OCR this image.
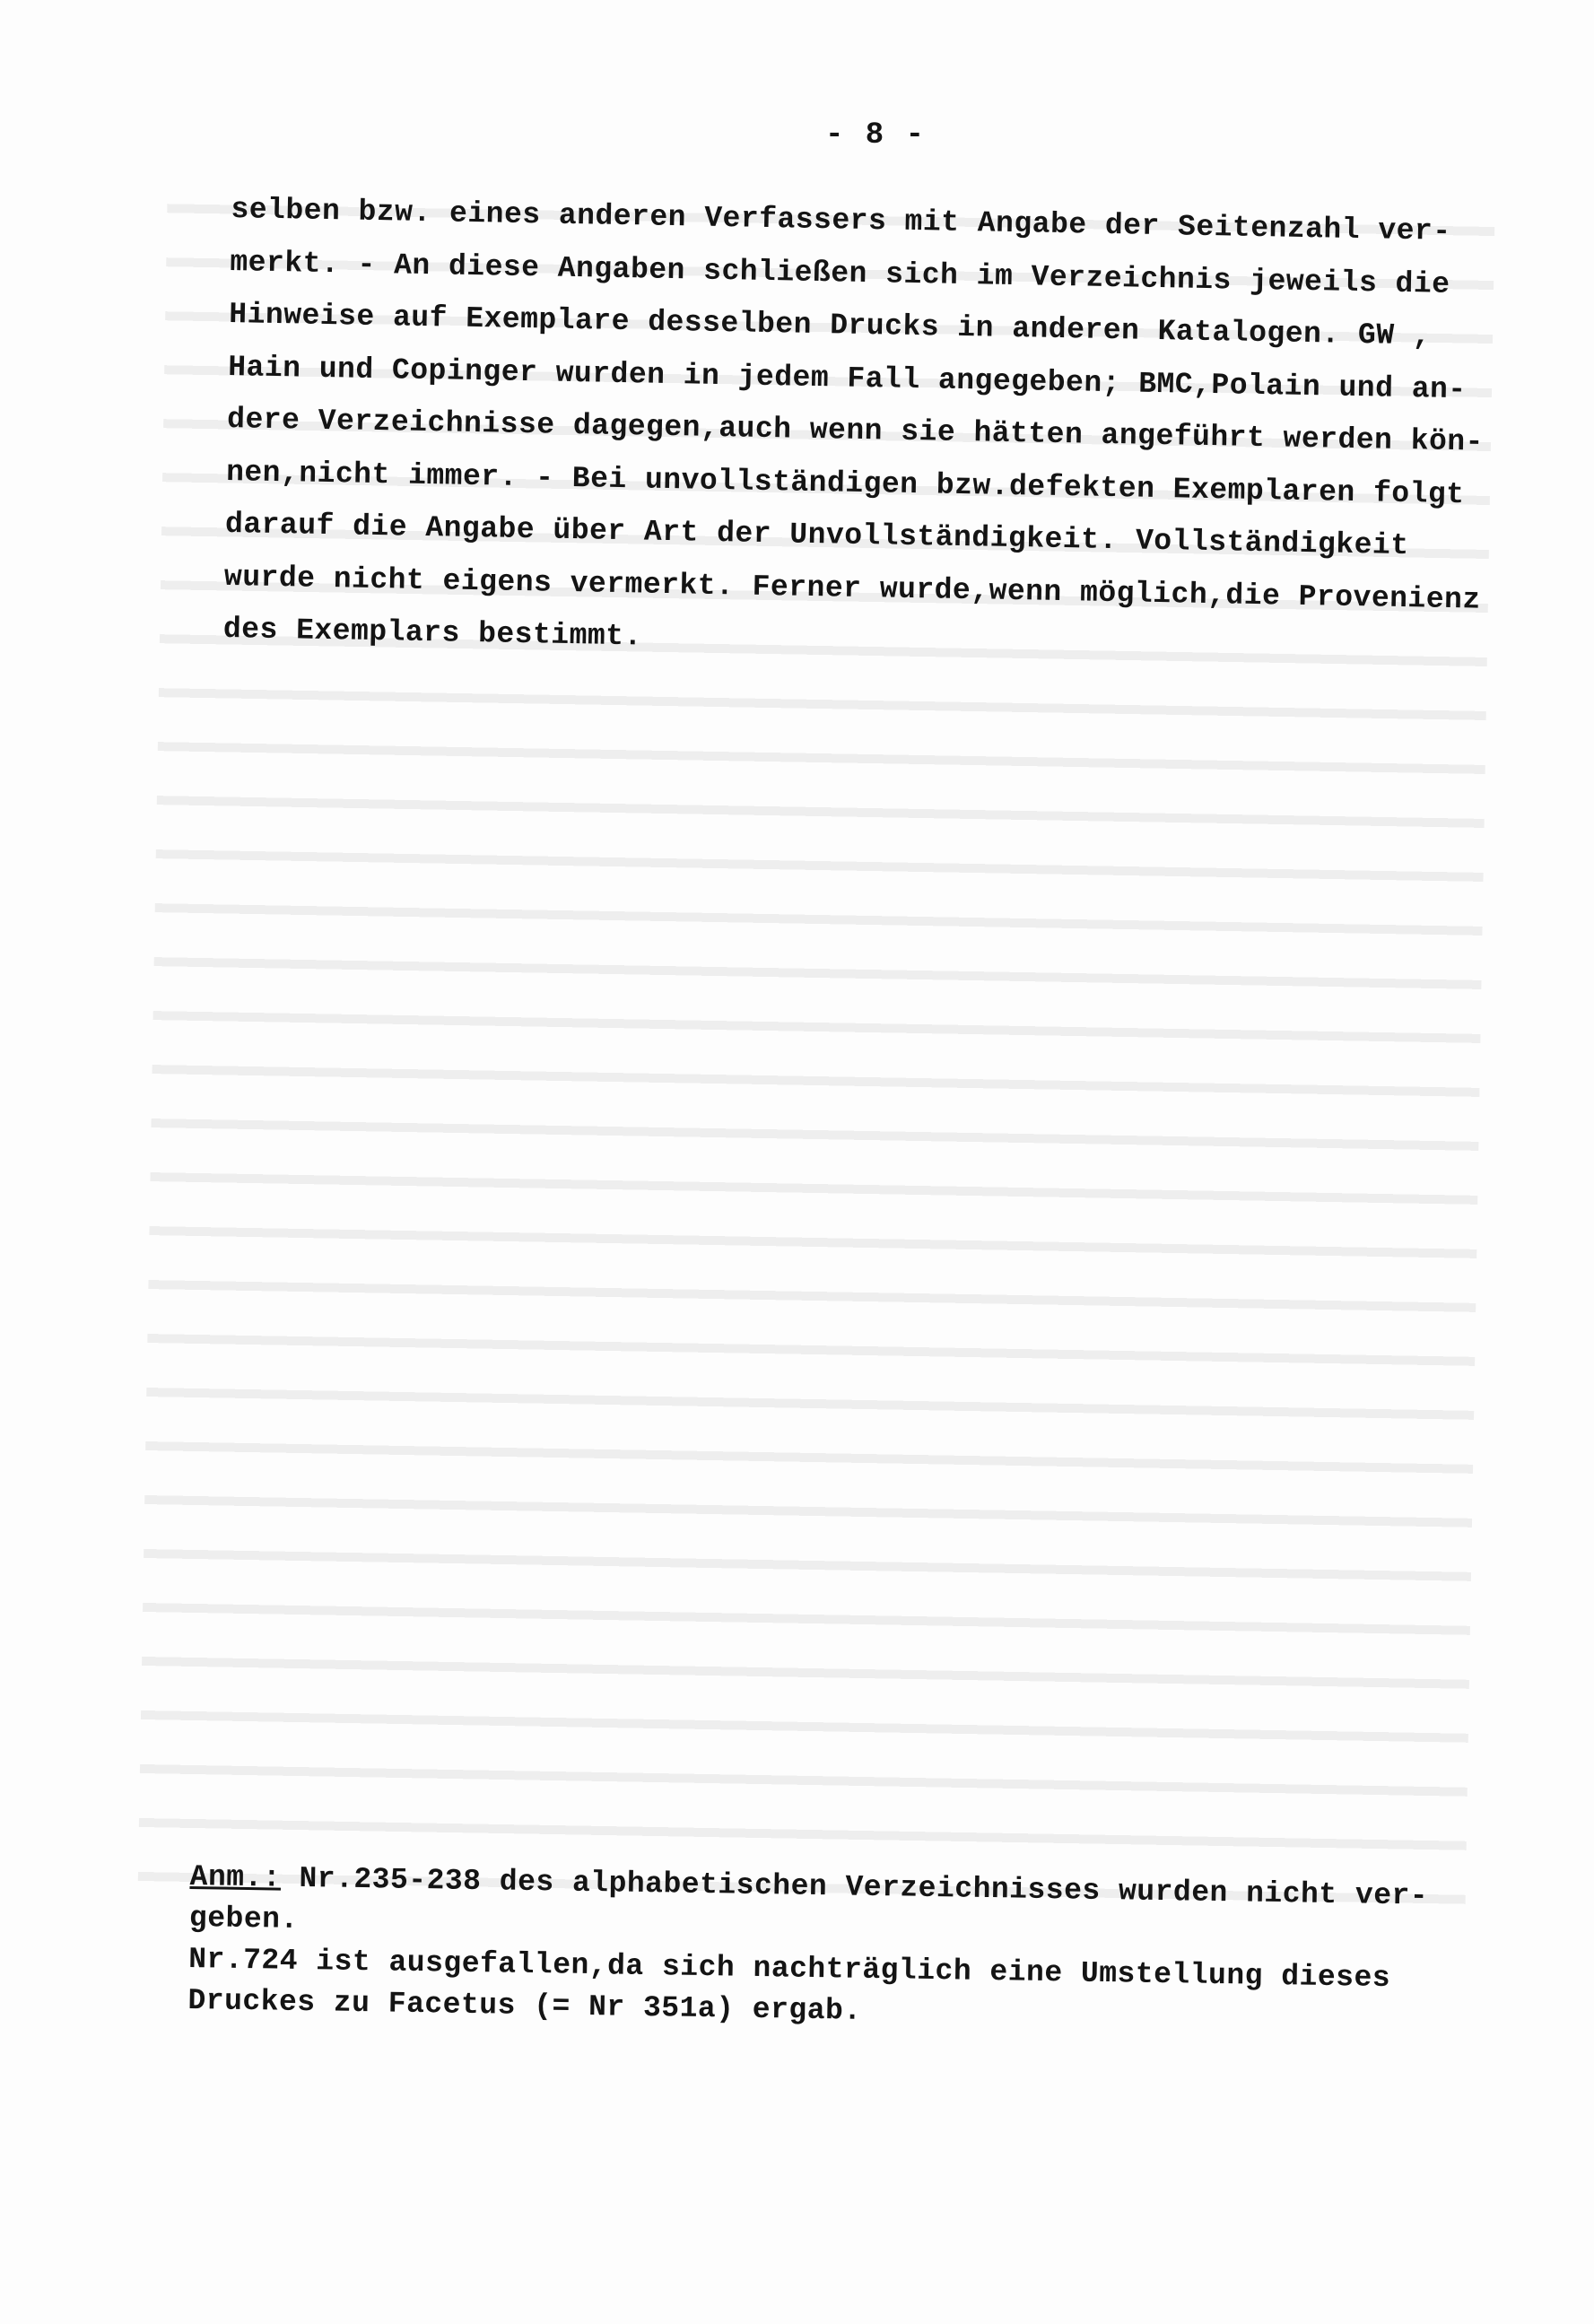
- 8 -
selben bzw. eines anderen Verfassers mit Angabe der Seitenzahl ver-
merkt. - An diese Angaben schließen sich im Verzeichnis jeweils die
Hinweise auf Exemplare desselben Drucks in anderen Katalogen. GW ,
Hain und Copinger wurden in jedem Fall angegeben; BMC,Polain und an-
dere Verzeichnisse dagegen,auch wenn sie hätten angeführt werden kön-
nen,nicht immer. - Bei unvollständigen bzw.defekten Exemplaren folgt
darauf die Angabe über Art der Unvollständigkeit. Vollständigkeit
wurde nicht eigens vermerkt. Ferner wurde,wenn möglich,die Provenienz
des Exemplars bestimmt.
Anm.: Nr.235-238 des alphabetischen Verzeichnisses wurden nicht ver-
geben.
Nr.724 ist ausgefallen,da sich nachträglich eine Umstellung dieses
Druckes zu Facetus (= Nr 351a) ergab.
